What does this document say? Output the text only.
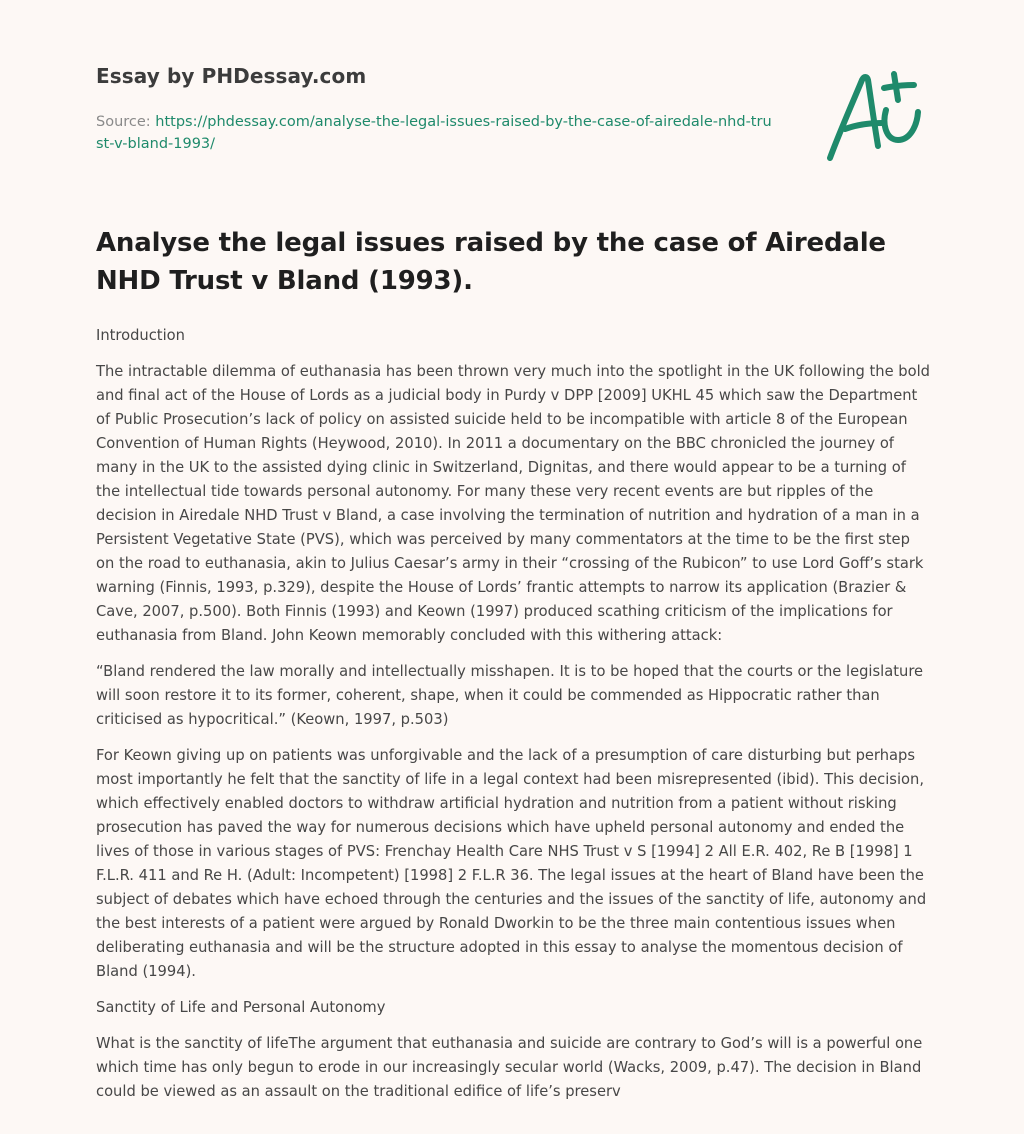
Essay by PHDessay.com
Source: https://phdessay.com/analyse-the-legal-issues-raised-by-the-case-of-airedale-nhd-trust-v-bland-1993/
Analyse the legal issues raised by the case of Airedale NHD Trust v Bland (1993).

Introduction

The intractable dilemma of euthanasia has been thrown very much into the spotlight in the UK following the bold and final act of the House of Lords as a judicial body in Purdy v DPP [2009] UKHL 45 which saw the Department of Public Prosecution’s lack of policy on assisted suicide held to be incompatible with article 8 of the European Convention of Human Rights (Heywood, 2010). In 2011 a documentary on the BBC chronicled the journey of many in the UK to the assisted dying clinic in Switzerland, Dignitas, and there would appear to be a turning of the intellectual tide towards personal autonomy. For many these very recent events are but ripples of the decision in Airedale NHD Trust v Bland, a case involving the termination of nutrition and hydration of a man in a Persistent Vegetative State (PVS), which was perceived by many commentators at the time to be the first step on the road to euthanasia, akin to Julius Caesar’s army in their “crossing of the Rubicon” to use Lord Goff’s stark warning (Finnis, 1993, p.329), despite the House of Lords’ frantic attempts to narrow its application (Brazier & Cave, 2007, p.500). Both Finnis (1993) and Keown (1997) produced scathing criticism of the implications for euthanasia from Bland. John Keown memorably concluded with this withering attack:

“Bland rendered the law morally and intellectually misshapen. It is to be hoped that the courts or the legislature will soon restore it to its former, coherent, shape, when it could be commended as Hippocratic rather than criticised as hypocritical.” (Keown, 1997, p.503)

For Keown giving up on patients was unforgivable and the lack of a presumption of care disturbing but perhaps most importantly he felt that the sanctity of life in a legal context had been misrepresented (ibid). This decision, which effectively enabled doctors to withdraw artificial hydration and nutrition from a patient without risking prosecution has paved the way for numerous decisions which have upheld personal autonomy and ended the lives of those in various stages of PVS: Frenchay Health Care NHS Trust v S [1994] 2 All E.R. 402, Re B [1998] 1 F.L.R. 411 and Re H. (Adult: Incompetent) [1998] 2 F.L.R 36. The legal issues at the heart of Bland have been the subject of debates which have echoed through the centuries and the issues of the sanctity of life, autonomy and the best interests of a patient were argued by Ronald Dworkin to be the three main contentious issues when deliberating euthanasia and will be the structure adopted in this essay to analyse the momentous decision of Bland (1994).

Sanctity of Life and Personal Autonomy

What is the sanctity of lifeThe argument that euthanasia and suicide are contrary to God’s will is a powerful one which time has only begun to erode in our increasingly secular world (Wacks, 2009, p.47). The decision in Bland could be viewed as an assault on the traditional edifice of life’s preserv
